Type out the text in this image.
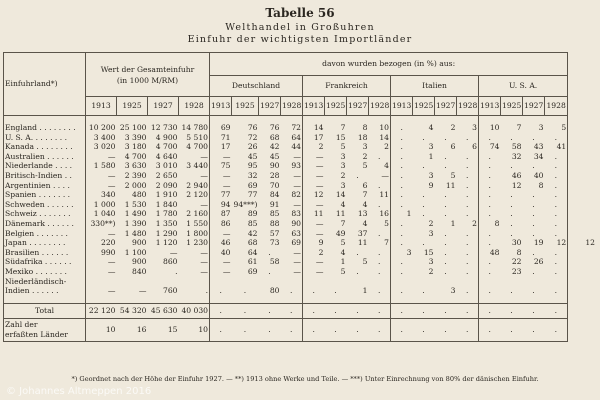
Tabelle 56
Welthandel in Großuhren
Einfuhr der wichtigsten Importländer
Einfuhrland*)	Wert der Gesamteinfuhr
(in 1000 M/RM)				davon wurden bezogen (in %) aus:																
					Deutschland				Frankreich				Italien				U. S. A.				
	1913	1925	1927	1928	1913	1925	1927	1928	1913	1925	1927	1928	1913	1925	1927	1928	1913	1925	1927	1928	

England . . . . . . . .	10 200	25 100	12 730	14 780	69	76	76	72	14	7	8	10	.	4	2	3	10	7	3	5	
U. S. A. . . . . . . .	3 400	3 390	4 900	5 510	71	72	68	64	17	15	18	14	.	.	.	.	.	.	.	.	
Kanada . . . . . . . .	3 020	3 180	4 700	4 700	17	26	42	44	2	5	3	2	.	3	6	6	74	58	43	41	
Australien . . . . . .	—	4 700	4 640	—	—	45	45	—	—	3	2	.	.	1	.	.	.	32	34	.	
Niederlande . . . .	1 580	3 630	3 010	3 440	75	95	90	93	—	3	5	4	.	.	.	.	.	.	.	.	
Britisch-Indien . .	—	2 390	2 650	—	—	32	28	—	—	2	.	—	.	3	5	.	.	46	40	.	
Argentinien . . . .	—	2 000	2 090	2 940	—	69	70	—	—	3	6	.	.	9	11	.	.	12	8	.	
Spanien . . . . . . .	340	480	1 910	2 120	77	77	84	82	12	14	7	11	.	.	.	.	.	.	.	.	
Schweden . . . . . .	1 000	1 530	1 840	—	94	94***)	91	—	—	4	4	.	.	.	.	.	.	.	.	.	
Schweiz . . . . . . .	1 040	1 490	1 780	2 160	87	89	85	83	11	11	13	16	1	.	.	.	.	.	.	.	
Dänemark . . . . . .	330**)	1 390	1 350	1 550	86	85	88	90	—	7	4	5	.	2	1	2	8	.	.	.	
Belgien . . . . . . .	—	1 480	1 290	1 800	—	42	57	63	—	49	37	.	.	3	.	.	.	.	.	.	
Japan . . . . . . . .	220	900	1 120	1 230	46	68	73	69	9	5	11	7	.	.	.	.	.	30	19	12	12
Brasilien . . . . . .	990	1 100	—	—	40	64	.	—	2	4	.	.	3	15	.	.	48	8	.	.	
Südafrika . . . . . .	—	900	860	—	—	61	58	—	—	1	5	.	.	3	.	.	.	22	26	.	
Mexiko . . . . . . .	—	840	.	—	—	69	.	—	—	5	.	.	.	2	.	.	.	23	.	.	
Niederländisch-
Indien . . . . . .	—	—	760	.	.	.	80	.	.	.	1	.	.	.	3	.	.	.	.	.	

Total	22 120	54 320	45 630	40 030	.	.	.	.	.	.	.	.	.	.	.	.	.	.	.	.	
Zahl der
erfaßten Länder	10	16	15	10	.	.	.	.	.	.	.	.	.	.	.	.	.	.	.	.	
*) Geordnet nach der Höhe der Einfuhr 1927. — **) 1913 ohne Werke und Teile. — ***) Unter Einrechnung von 80% der dänischen Einfuhr.
© Johannes Altmeppen 2016
